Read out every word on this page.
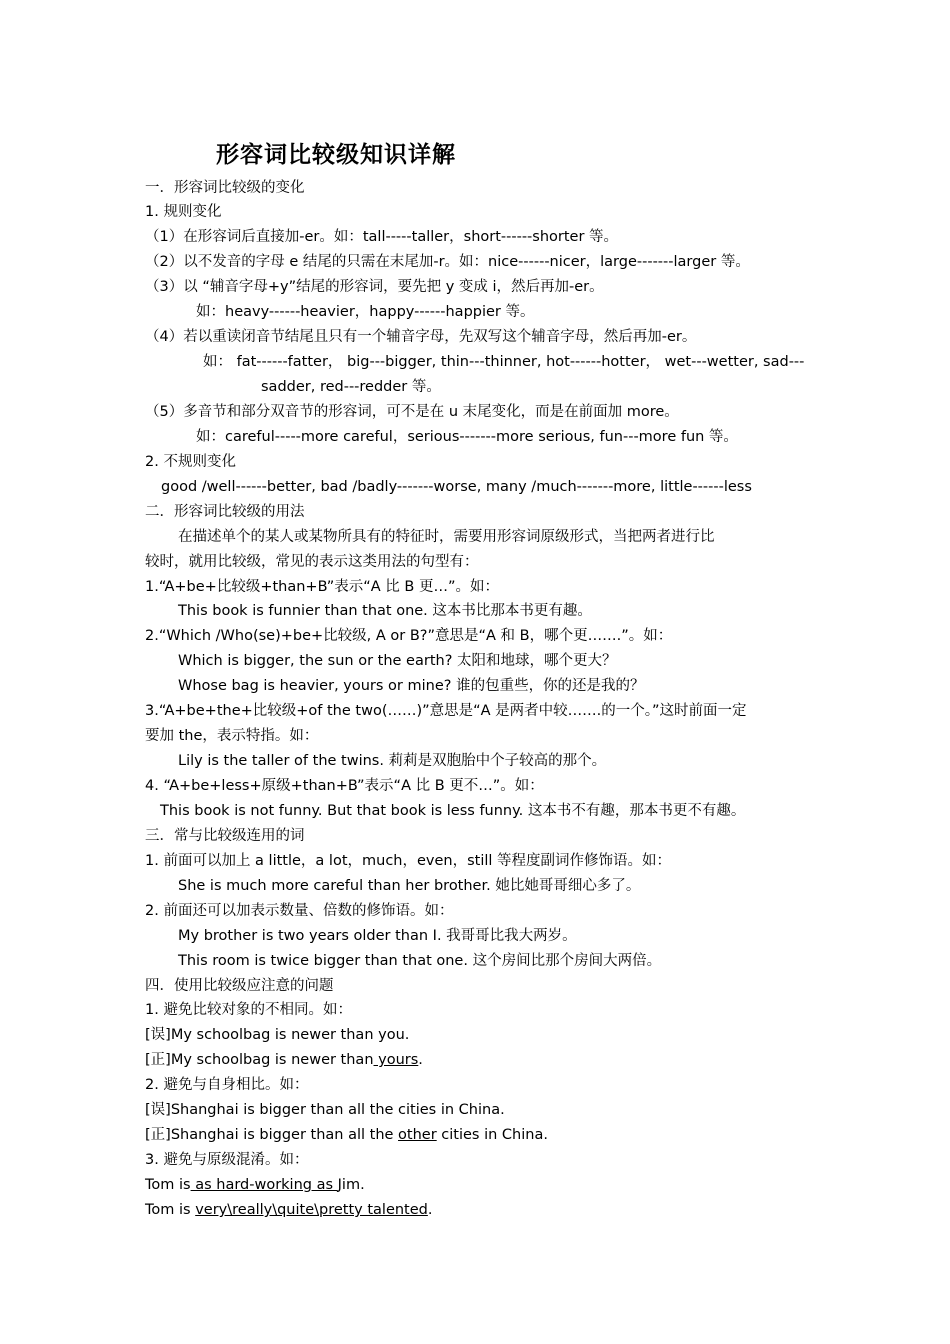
形容词比较级知识详解
一．形容词比较级的变化
1. 规则变化
（1）在形容词后直接加-er。如：tall-----taller，short------shorter 等。
（2）以不发音的字母 e 结尾的只需在末尾加-r。如：nice------nicer，large-------larger 等。
（3）以 “辅音字母+y”结尾的形容词，要先把 y 变成 i，然后再加-er。
如：heavy------heavier，happy------happier 等。
（4）若以重读闭音节结尾且只有一个辅音字母，先双写这个辅音字母，然后再加-er。
如： fat------fatter， big---bigger, thin---thinner, hot------hotter， wet---wetter, sad---
sadder, red---redder 等。
（5）多音节和部分双音节的形容词，可不是在 u 末尾变化，而是在前面加 more。
如：careful-----more careful，serious-------more serious, fun---more fun 等。
2. 不规则变化
good /well------better, bad /badly-------worse, many /much-------more, little------less
二．形容词比较级的用法
在描述单个的某人或某物所具有的特征时，需要用形容词原级形式，当把两者进行比
较时，就用比较级，常见的表示这类用法的句型有：
1.“A+be+比较级+than+B”表示“A 比 B 更…”。如：
This book is funnier than that one. 这本书比那本书更有趣。
2.“Which /Who(se)+be+比较级, A or B?”意思是“A 和 B，哪个更…….”。如：
Which is bigger, the sun or the earth? 太阳和地球，哪个更大？
Whose bag is heavier, yours or mine? 谁的包重些，你的还是我的？
3.“A+be+the+比较级+of the two(……)”意思是“A 是两者中较…….的一个。”这时前面一定
要加 the，表示特指。如：
Lily is the taller of the twins. 莉莉是双胞胎中个子较高的那个。
4. “A+be+less+原级+than+B”表示“A 比 B 更不…”。如：
This book is not funny. But that book is less funny. 这本书不有趣，那本书更不有趣。
三．常与比较级连用的词
1. 前面可以加上 a little，a lot，much，even，still 等程度副词作修饰语。如：
She is much more careful than her brother. 她比她哥哥细心多了。
2. 前面还可以加表示数量、倍数的修饰语。如：
My brother is two years older than I. 我哥哥比我大两岁。
This room is twice bigger than that one. 这个房间比那个房间大两倍。
四．使用比较级应注意的问题
1. 避免比较对象的不相同。如：
[误]My schoolbag is newer than you.
[正]My schoolbag is newer than yours.
2. 避免与自身相比。如：
[误]Shanghai is bigger than all the cities in China.
[正]Shanghai is bigger than all the other cities in China.
3. 避免与原级混淆。如：
Tom is as hard-working as Jim.
Tom is very\really\quite\pretty talented.
